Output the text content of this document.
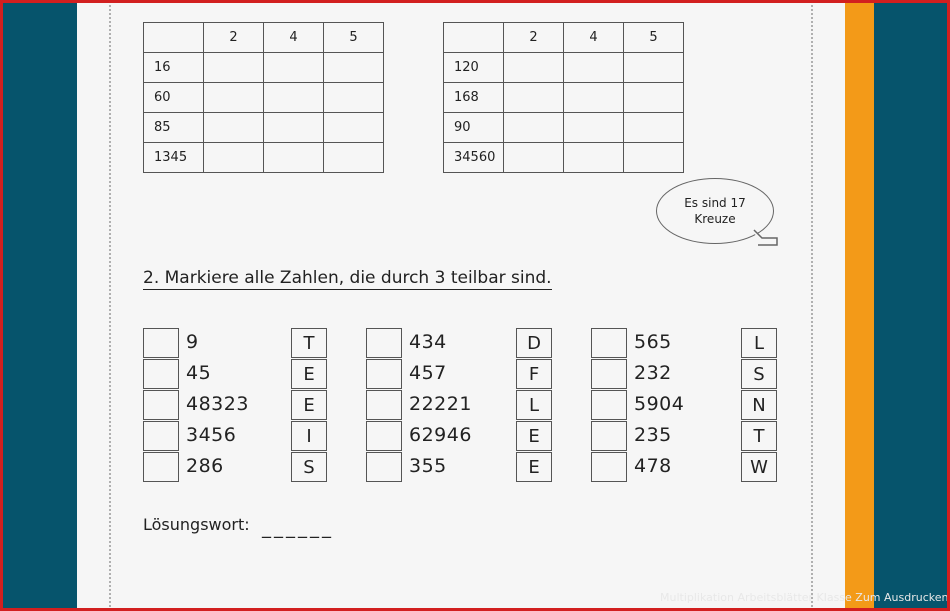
	2	4	5
16			
60			
85			
1345			
	2	4	5
120			
168			
90			
34560			
Es sind 17 Kreuze
2. Markiere alle Zahlen, die durch 3 teilbar sind.
9	T
45	E
48323	E
3456	I
286	S
434	D
457	F
22221	L
62946	E
355	E
565	L
232	S
5904	N
235	T
478	W
Lösungswort: ______
Multiplikation Arbeitsblätter Klasse Zum Ausdrucken
